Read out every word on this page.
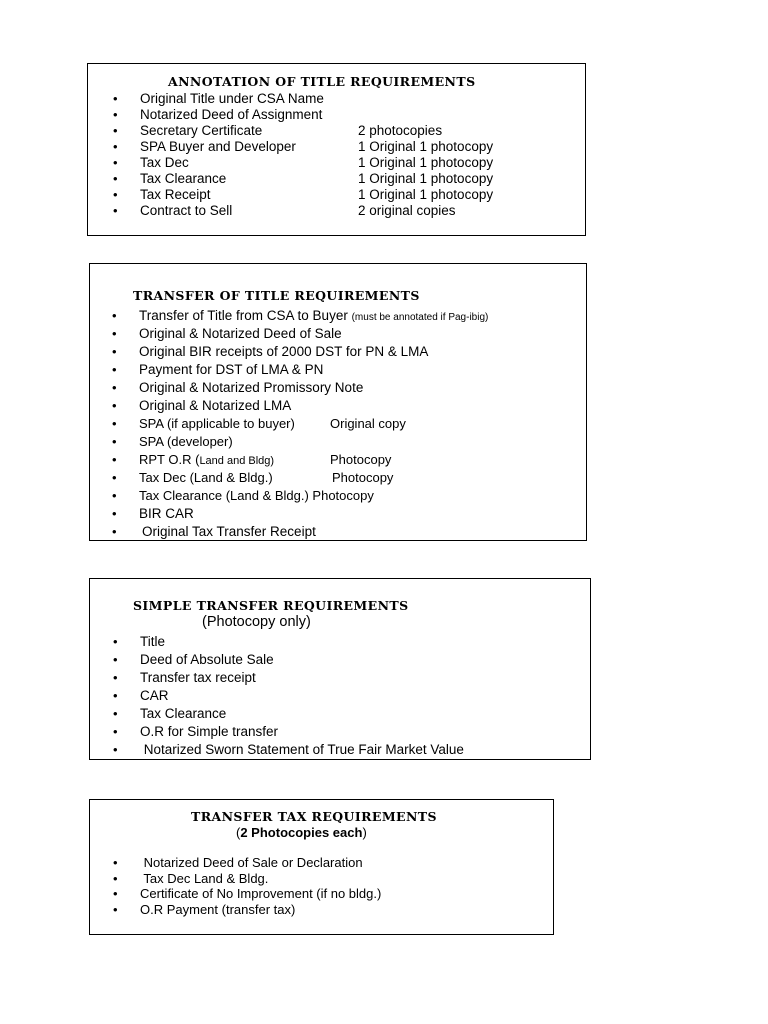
ANNOTATION OF TITLE REQUIREMENTS
• Original Title under CSA Name
• Notarized Deed of Assignment
• Secretary Certificate	2 photocopies
• SPA Buyer and Developer	1 Original 1 photocopy
• Tax Dec	1 Original 1 photocopy
• Tax Clearance	1 Original 1 photocopy
• Tax Receipt	1 Original 1 photocopy
• Contract to Sell	2 original copies
TRANSFER OF TITLE REQUIREMENTS
• Transfer of Title from CSA to Buyer (must be annotated if Pag-ibig)
• Original & Notarized Deed of Sale
• Original BIR receipts of 2000 DST for PN & LMA
• Payment for DST of LMA & PN
• Original & Notarized Promissory Note
• Original & Notarized LMA
• SPA (if applicable to buyer)	Original copy
• SPA (developer)
• RPT O.R (Land and Bldg)	Photocopy
• Tax Dec (Land & Bldg.)	Photocopy
• Tax Clearance (Land & Bldg.) Photocopy
• BIR CAR
• Original Tax Transfer Receipt
SIMPLE TRANSFER REQUIREMENTS
(Photocopy only)
• Title
• Deed of Absolute Sale
• Transfer tax receipt
• CAR
• Tax Clearance
• O.R for Simple transfer
• Notarized Sworn Statement of True Fair Market Value
TRANSFER TAX REQUIREMENTS
(2 Photocopies each)
• Notarized Deed of Sale or Declaration
• Tax Dec Land & Bldg.
• Certificate of No Improvement (if no bldg.)
• O.R Payment (transfer tax)
